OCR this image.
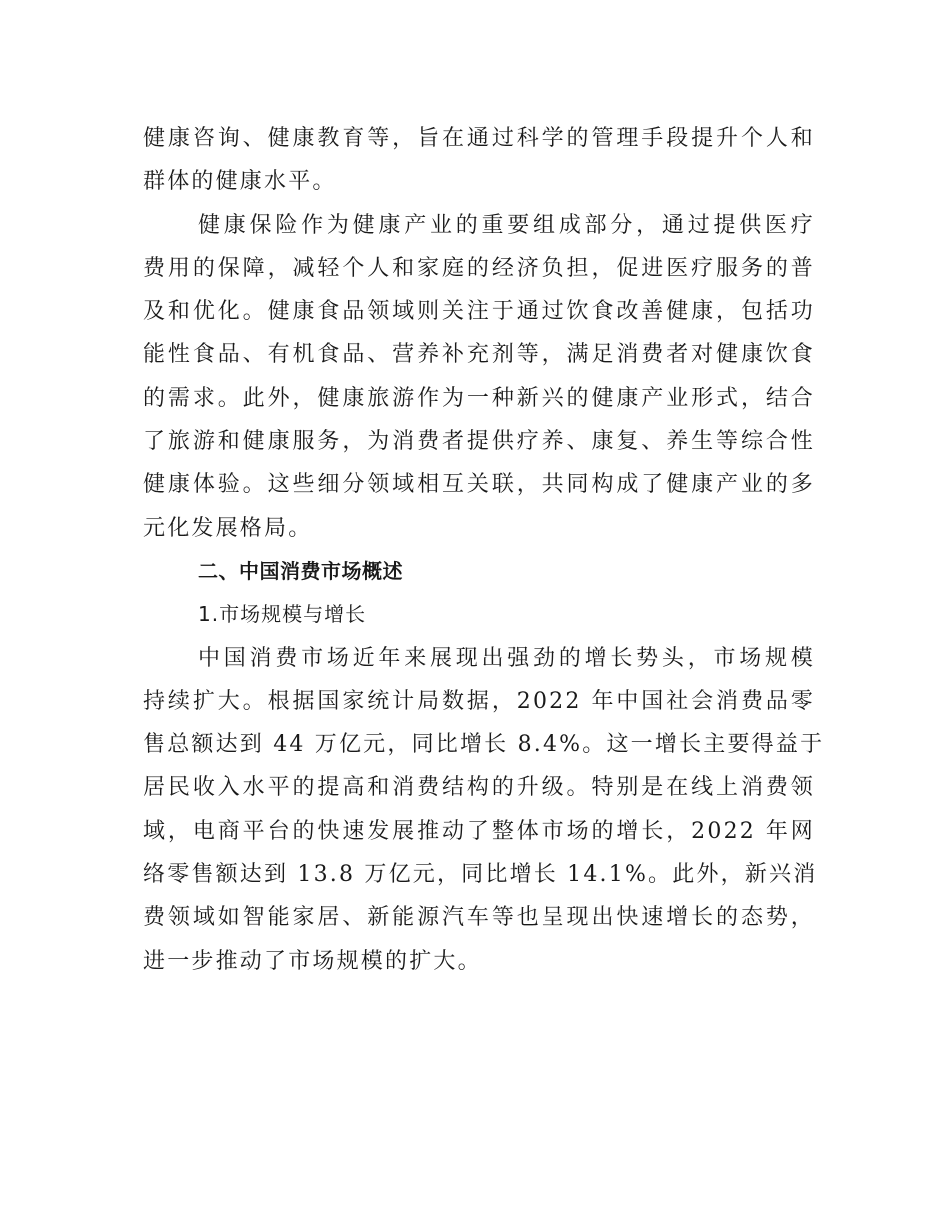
健康咨询、健康教育等，旨在通过科学的管理手段提升个人和
群体的健康水平。
健康保险作为健康产业的重要组成部分，通过提供医疗
费用的保障，减轻个人和家庭的经济负担，促进医疗服务的普
及和优化。健康食品领域则关注于通过饮食改善健康，包括功
能性食品、有机食品、营养补充剂等，满足消费者对健康饮食
的需求。此外，健康旅游作为一种新兴的健康产业形式，结合
了旅游和健康服务，为消费者提供疗养、康复、养生等综合性
健康体验。这些细分领域相互关联，共同构成了健康产业的多
元化发展格局。
二、中国消费市场概述
1.市场规模与增长
中国消费市场近年来展现出强劲的增长势头，市场规模
持续扩大。根据国家统计局数据，2022 年中国社会消费品零
售总额达到 44 万亿元，同比增长 8.4%。这一增长主要得益于
居民收入水平的提高和消费结构的升级。特别是在线上消费领
域，电商平台的快速发展推动了整体市场的增长，2022 年网
络零售额达到 13.8 万亿元，同比增长 14.1%。此外，新兴消
费领域如智能家居、新能源汽车等也呈现出快速增长的态势，
进一步推动了市场规模的扩大。
